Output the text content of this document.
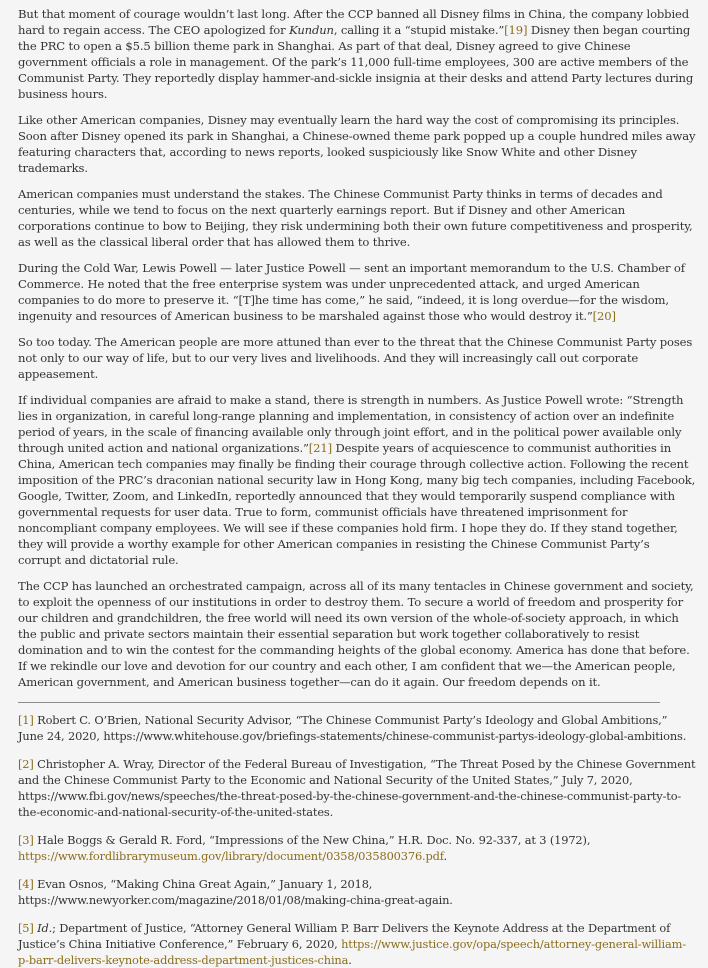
But that moment of courage wouldn’t last long. After the CCP banned all Disney films in China, the company lobbied hard to regain access. The CEO apologized for Kundun, calling it a “stupid mistake.”[19] Disney then began courting the PRC to open a $5.5 billion theme park in Shanghai. As part of that deal, Disney agreed to give Chinese government officials a role in management. Of the park’s 11,000 full-time employees, 300 are active members of the Communist Party. They reportedly display hammer-and-sickle insignia at their desks and attend Party lectures during business hours.

Like other American companies, Disney may eventually learn the hard way the cost of compromising its principles. Soon after Disney opened its park in Shanghai, a Chinese-owned theme park popped up a couple hundred miles away featuring characters that, according to news reports, looked suspiciously like Snow White and other Disney trademarks.

American companies must understand the stakes. The Chinese Communist Party thinks in terms of decades and centuries, while we tend to focus on the next quarterly earnings report. But if Disney and other American corporations continue to bow to Beijing, they risk undermining both their own future competitiveness and prosperity, as well as the classical liberal order that has allowed them to thrive.

During the Cold War, Lewis Powell — later Justice Powell — sent an important memorandum to the U.S. Chamber of Commerce. He noted that the free enterprise system was under unprecedented attack, and urged American companies to do more to preserve it. “[T]he time has come,” he said, “indeed, it is long overdue—for the wisdom, ingenuity and resources of American business to be marshaled against those who would destroy it.”[20]

So too today. The American people are more attuned than ever to the threat that the Chinese Communist Party poses not only to our way of life, but to our very lives and livelihoods. And they will increasingly call out corporate appeasement.

If individual companies are afraid to make a stand, there is strength in numbers. As Justice Powell wrote: “Strength lies in organization, in careful long-range planning and implementation, in consistency of action over an indefinite period of years, in the scale of financing available only through joint effort, and in the political power available only through united action and national organizations.”[21] Despite years of acquiescence to communist authorities in China, American tech companies may finally be finding their courage through collective action. Following the recent imposition of the PRC’s draconian national security law in Hong Kong, many big tech companies, including Facebook, Google, Twitter, Zoom, and LinkedIn, reportedly announced that they would temporarily suspend compliance with governmental requests for user data. True to form, communist officials have threatened imprisonment for noncompliant company employees. We will see if these companies hold firm. I hope they do. If they stand together, they will provide a worthy example for other American companies in resisting the Chinese Communist Party’s corrupt and dictatorial rule.

The CCP has launched an orchestrated campaign, across all of its many tentacles in Chinese government and society, to exploit the openness of our institutions in order to destroy them. To secure a world of freedom and prosperity for our children and grandchildren, the free world will need its own version of the whole-of-society approach, in which the public and private sectors maintain their essential separation but work together collaboratively to resist domination and to win the contest for the commanding heights of the global economy. America has done that before. If we rekindle our love and devotion for our country and each other, I am confident that we—the American people, American government, and American business together—can do it again. Our freedom depends on it.

[1] Robert C. O’Brien, National Security Advisor, “The Chinese Communist Party’s Ideology and Global Ambitions,” June 24, 2020, https://www.whitehouse.gov/briefings-statements/chinese-communist-partys-ideology-global-ambitions.

[2] Christopher A. Wray, Director of the Federal Bureau of Investigation, “The Threat Posed by the Chinese Government and the Chinese Communist Party to the Economic and National Security of the United States,” July 7, 2020, https://www.fbi.gov/news/speeches/the-threat-posed-by-the-chinese-government-and-the-chinese-communist-party-to-the-economic-and-national-security-of-the-united-states.

[3] Hale Boggs & Gerald R. Ford, “Impressions of the New China,” H.R. Doc. No. 92-337, at 3 (1972), https://www.fordlibrarymuseum.gov/library/document/0358/035800376.pdf.

[4] Evan Osnos, “Making China Great Again,” January 1, 2018, https://www.newyorker.com/magazine/2018/01/08/making-china-great-again.

[5] Id.; Department of Justice, “Attorney General William P. Barr Delivers the Keynote Address at the Department of Justice’s China Initiative Conference,” February 6, 2020, https://www.justice.gov/opa/speech/attorney-general-william-p-barr-delivers-keynote-address-department-justices-china.
